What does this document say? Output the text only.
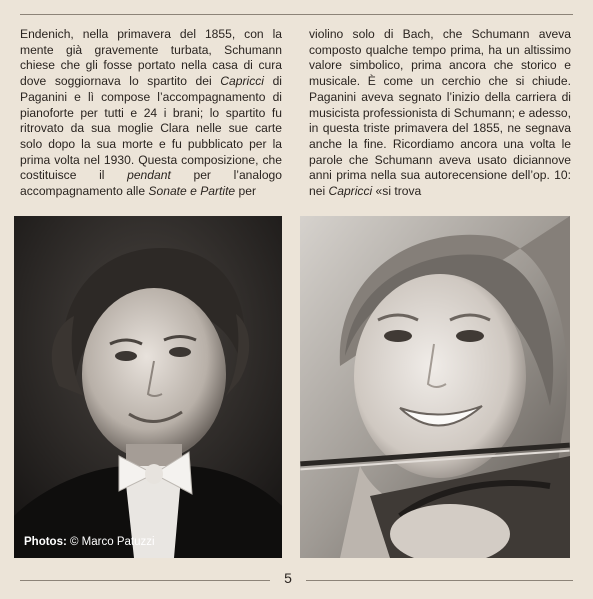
Endenich, nella primavera del 1855, con la mente già gravemente turbata, Schumann chiese che gli fosse portato nella casa di cura dove soggiornava lo spartito dei Capricci di Paganini e lì compose l’accompagnamento di pianoforte per tutti e 24 i brani; lo spartito fu ritrovato da sua moglie Clara nelle sue carte solo dopo la sua morte e fu pubblicato per la prima volta nel 1930. Questa composizione, che costituisce il pendant per l’analogo accompagnamento alle Sonate e Partite per

violino solo di Bach, che Schumann aveva composto qualche tempo prima, ha un altissimo valore simbolico, prima ancora che storico e musicale. È come un cerchio che si chiude. Paganini aveva segnato l’inizio della carriera di musicista professionista di Schumann; e adesso, in questa triste primavera del 1855, ne segnava anche la fine. Ricordiamo ancora una volta le parole che Schumann aveva usato diciannove anni prima nella sua autorecensione dell’op. 10: nei Capricci «si trova

Photos: © Marco Patuzzi
5
